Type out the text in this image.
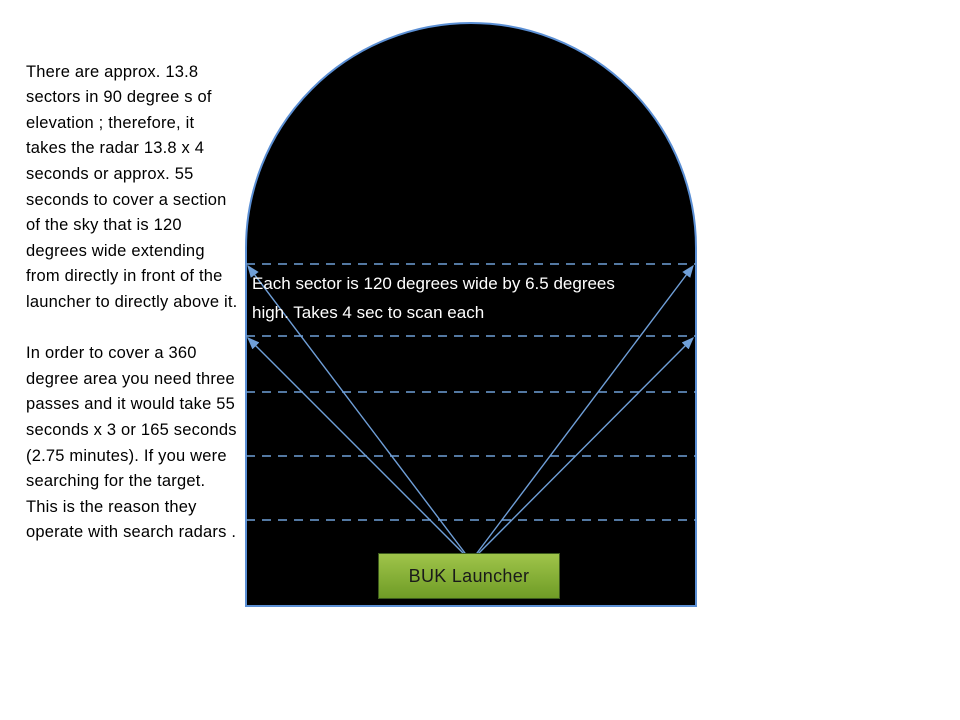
There are approx. 13.8 sectors in 90 degree s of elevation ; therefore, it takes the radar 13.8 x 4 seconds or approx. 55 seconds to cover a section of the sky that is 120 degrees wide extending from directly in front of the launcher to directly above it.

In order to cover a 360 degree area you need three passes and it would take 55 seconds x 3 or 165 seconds (2.75 minutes). If you were searching for the target. This is the reason they operate with search radars .

Each sector is 120 degrees wide by 6.5 degrees high. Takes 4 sec to scan each
BUK Launcher
